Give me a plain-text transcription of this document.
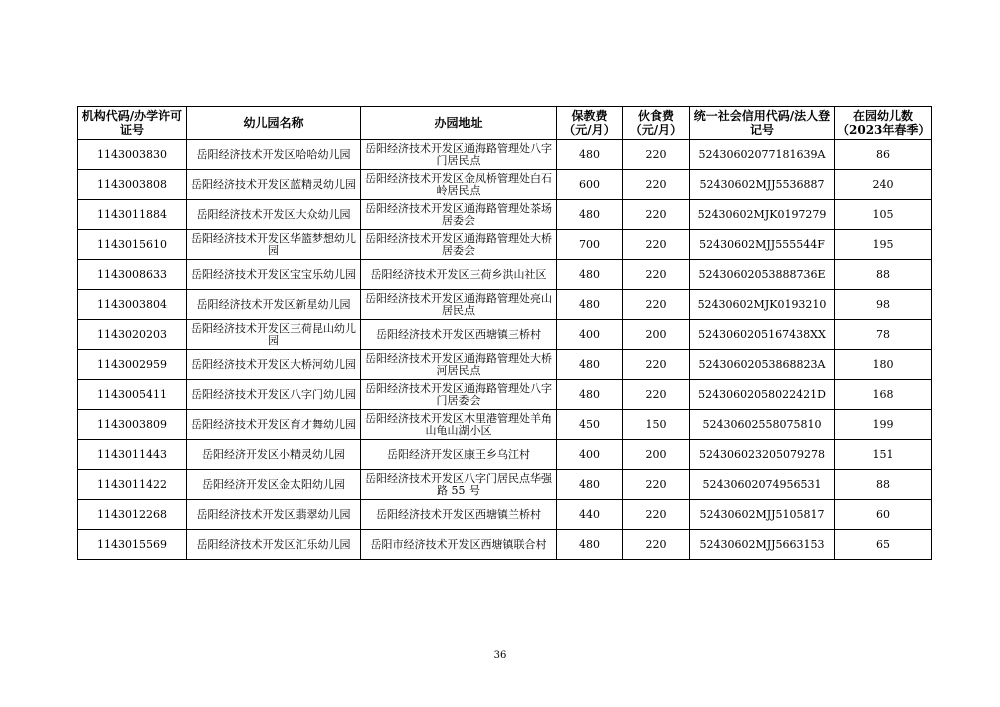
机构代码/办学许可证号	幼儿园名称	办园地址	保教费（元/月）	伙食费（元/月）	统一社会信用代码/法人登记号	在园幼儿数（2023年春季）
1143003830	岳阳经济技术开发区哈哈幼儿园	岳阳经济技术开发区通海路管理处八字门居民点	480	220	52430602077181639A	86
1143003808	岳阳经济技术开发区蓝精灵幼儿园	岳阳经济技术开发区金凤桥管理处白石岭居民点	600	220	52430602MJJ5536887	240
1143011884	岳阳经济技术开发区大众幼儿园	岳阳经济技术开发区通海路管理处茶场居委会	480	220	52430602MJK0197279	105
1143015610	岳阳经济技术开发区华篮梦想幼儿园	岳阳经济技术开发区通海路管理处大桥居委会	700	220	52430602MJJ555544F	195
1143008633	岳阳经济技术开发区宝宝乐幼儿园	岳阳经济技术开发区三荷乡洪山社区	480	220	52430602053888736E	88
1143003804	岳阳经济技术开发区新星幼儿园	岳阳经济技术开发区通海路管理处亮山居民点	480	220	52430602MJK0193210	98
1143020203	岳阳经济技术开发区三荷昆山幼儿园	岳阳经济技术开发区西塘镇三桥村	400	200	5243060205167438XX	78
1143002959	岳阳经济技术开发区大桥河幼儿园	岳阳经济技术开发区通海路管理处大桥河居民点	480	220	52430602053868823A	180
1143005411	岳阳经济技术开发区八字门幼儿园	岳阳经济技术开发区通海路管理处八字门居委会	480	220	52430602058022421D	168
1143003809	岳阳经济技术开发区育才舞幼儿园	岳阳经济技术开发区木里港管理处羊角山龟山湖小区	450	150	52430602558075810	199
1143011443	岳阳经济开发区小精灵幼儿园	岳阳经济开发区康王乡乌江村	400	200	524306023205079278	151
1143011422	岳阳经济开发区金太阳幼儿园	岳阳经济技术开发区八字门居民点华强路 55 号	480	220	52430602074956531	88
1143012268	岳阳经济技术开发区翡翠幼儿园	岳阳经济技术开发区西塘镇兰桥村	440	220	52430602MJJ5105817	60
1143015569	岳阳经济技术开发区汇乐幼儿园	岳阳市经济技术开发区西塘镇联合村	480	220	52430602MJJ5663153	65
36
